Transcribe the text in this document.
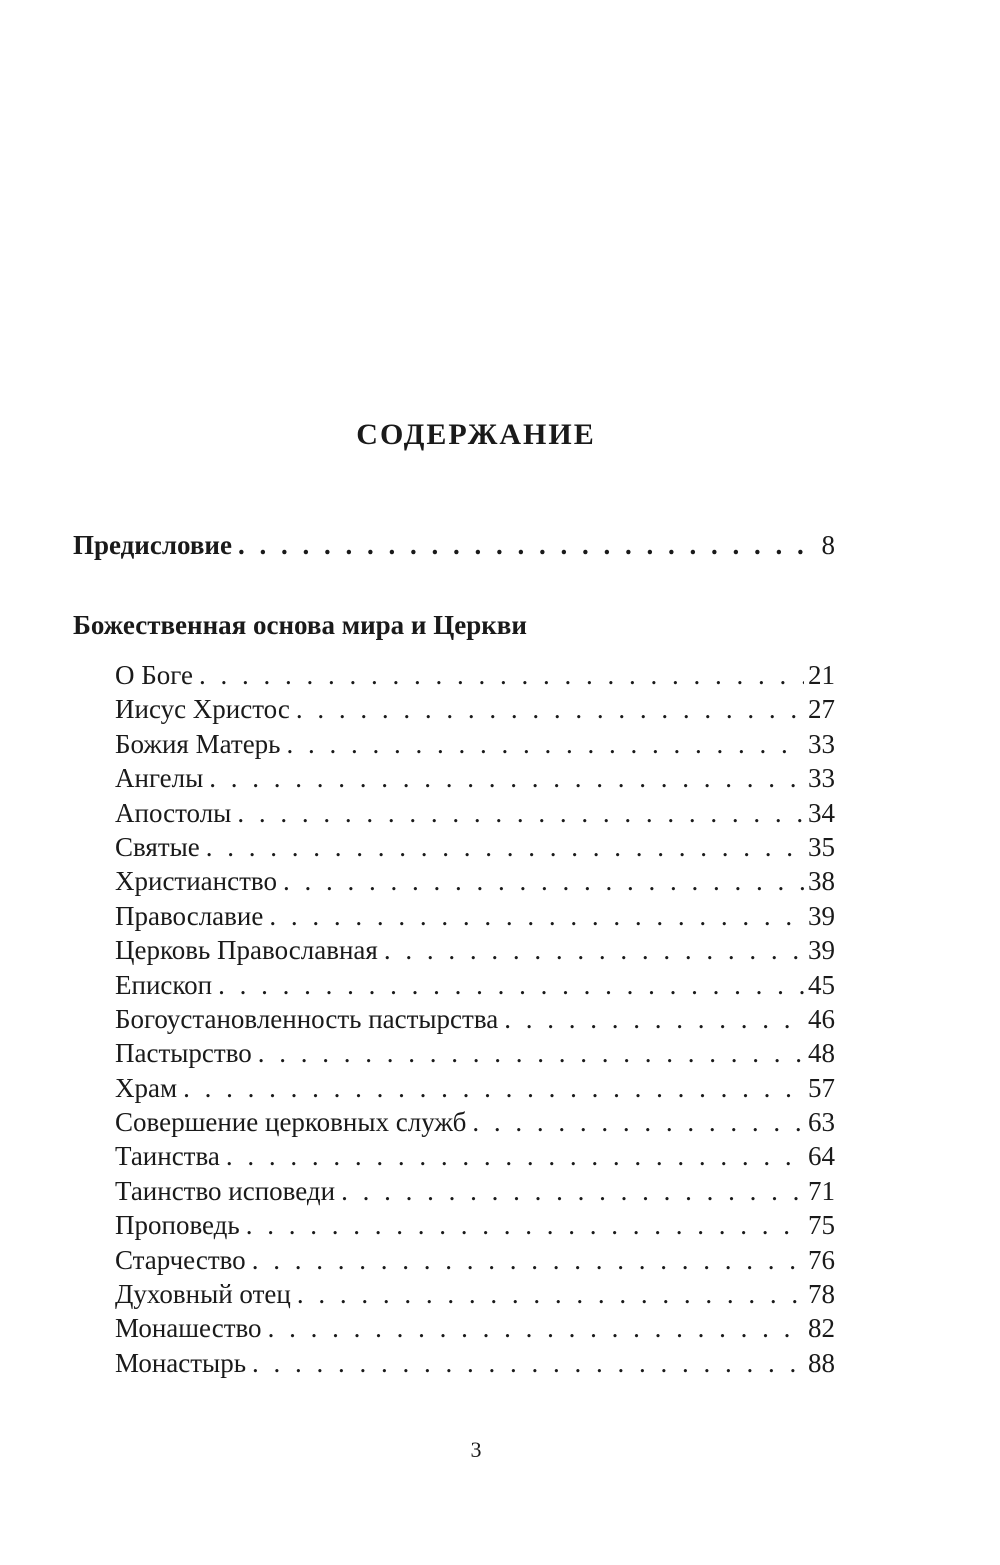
СОДЕРЖАНИЕ
Предисловие . . .	8
Божественная основа мира и Церкви
О Боге . . .	21
Иисус Христос . . .	27
Божия Матерь . . .	33
Ангелы . . .	33
Апостолы . . .	34
Святые . . .	35
Христианство . . .	38
Православие . . .	39
Церковь Православная . . .	39
Епископ . . .	45
Богоустановленность пастырства . . .	46
Пастырство . . .	48
Храм . . .	57
Совершение церковных служб . . .	63
Таинства . . .	64
Таинство исповеди . . .	71
Проповедь . . .	75
Старчество . . .	76
Духовный отец . . .	78
Монашество . . .	82
Монастырь . . .	88
3
